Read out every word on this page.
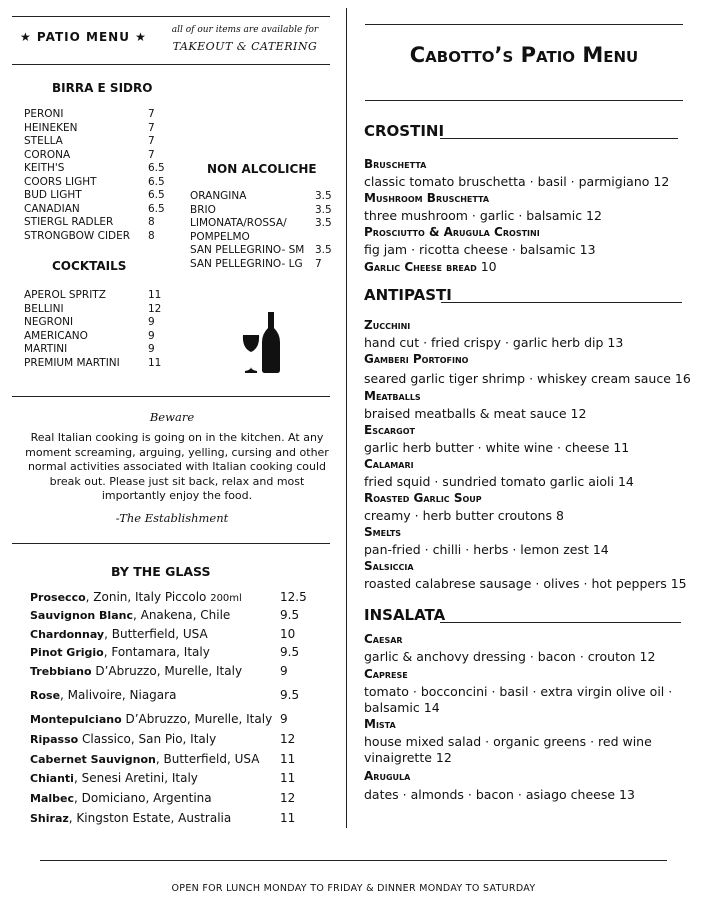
★ PATIO MENU ★	all of our items are available for
TAKEOUT & CATERING
BIRRA E SIDRO
PERONI	7
HEINEKEN	7
STELLA	7
CORONA	7
KEITH'S	6.5
COORS LIGHT	6.5
BUD LIGHT	6.5
CANADIAN	6.5
STIERGL RADLER	8
STRONGBOW CIDER 8
NON ALCOLICHE
ORANGINA	3.5
BRIO	3.5
LIMONATA/ROSSA/	3.5
POMPELMO
SAN PELLEGRINO- SM 3.5
SAN PELLEGRINO- LG 7
COCKTAILS
APEROL SPRITZ	11
BELLINI	12
NEGRONI	9
AMERICANO	9
MARTINI	9
PREMIUM MARTINI	11
Beware
Real Italian cooking is going on in the kitchen. At any moment screaming, arguing, yelling, cursing and other normal activities associated with Italian cooking could break out. Please just sit back, relax and most importantly enjoy the food.
-The Establishment
BY THE GLASS
Prosecco, Zonin, Italy Piccolo 200ml	12.5
Sauvignon Blanc, Anakena, Chile	9.5
Chardonnay, Butterfield, USA	10
Pinot Grigio, Fontamara, Italy	9.5
Trebbiano D’Abruzzo, Murelle, Italy	9
Rose, Malivoire, Niagara	9.5
Montepulciano D’Abruzzo, Murelle, Italy 9
Ripasso Classico, San Pio, Italy	12
Cabernet Sauvignon, Butterfield, USA 11
Chianti, Senesi Aretini, Italy	11
Malbec, Domiciano, Argentina	12
Shiraz, Kingston Estate, Australia	11
Cabotto’s Patio Menu
CROSTINI
Bruschetta
classic tomato bruschetta · basil · parmigiano 12
Mushroom Bruschetta
three mushroom · garlic · balsamic 12
Prosciutto & Arugula Crostini
fig jam · ricotta cheese · balsamic 13
Garlic Cheese bread 10
ANTIPASTI
Zucchini
hand cut · fried crispy · garlic herb dip 13
Gamberi Portofino
seared garlic tiger shrimp · whiskey cream sauce 16
Meatballs
braised meatballs & meat sauce 12
Escargot
garlic herb butter · white wine · cheese 11
Calamari
fried squid · sundried tomato garlic aioli 14
Roasted Garlic Soup
creamy · herb butter croutons 8
Smelts
pan-fried · chilli · herbs · lemon zest 14
Salsiccia
roasted calabrese sausage · olives · hot peppers 15
INSALATA
Caesar
garlic & anchovy dressing · bacon · crouton 12
Caprese
tomato · bocconcini · basil · extra virgin olive oil ·
balsamic 14
Mista
house mixed salad · organic greens · red wine
vinaigrette 12
Arugula
dates · almonds · bacon · asiago cheese 13
OPEN FOR LUNCH MONDAY TO FRIDAY & DINNER MONDAY TO SATURDAY
